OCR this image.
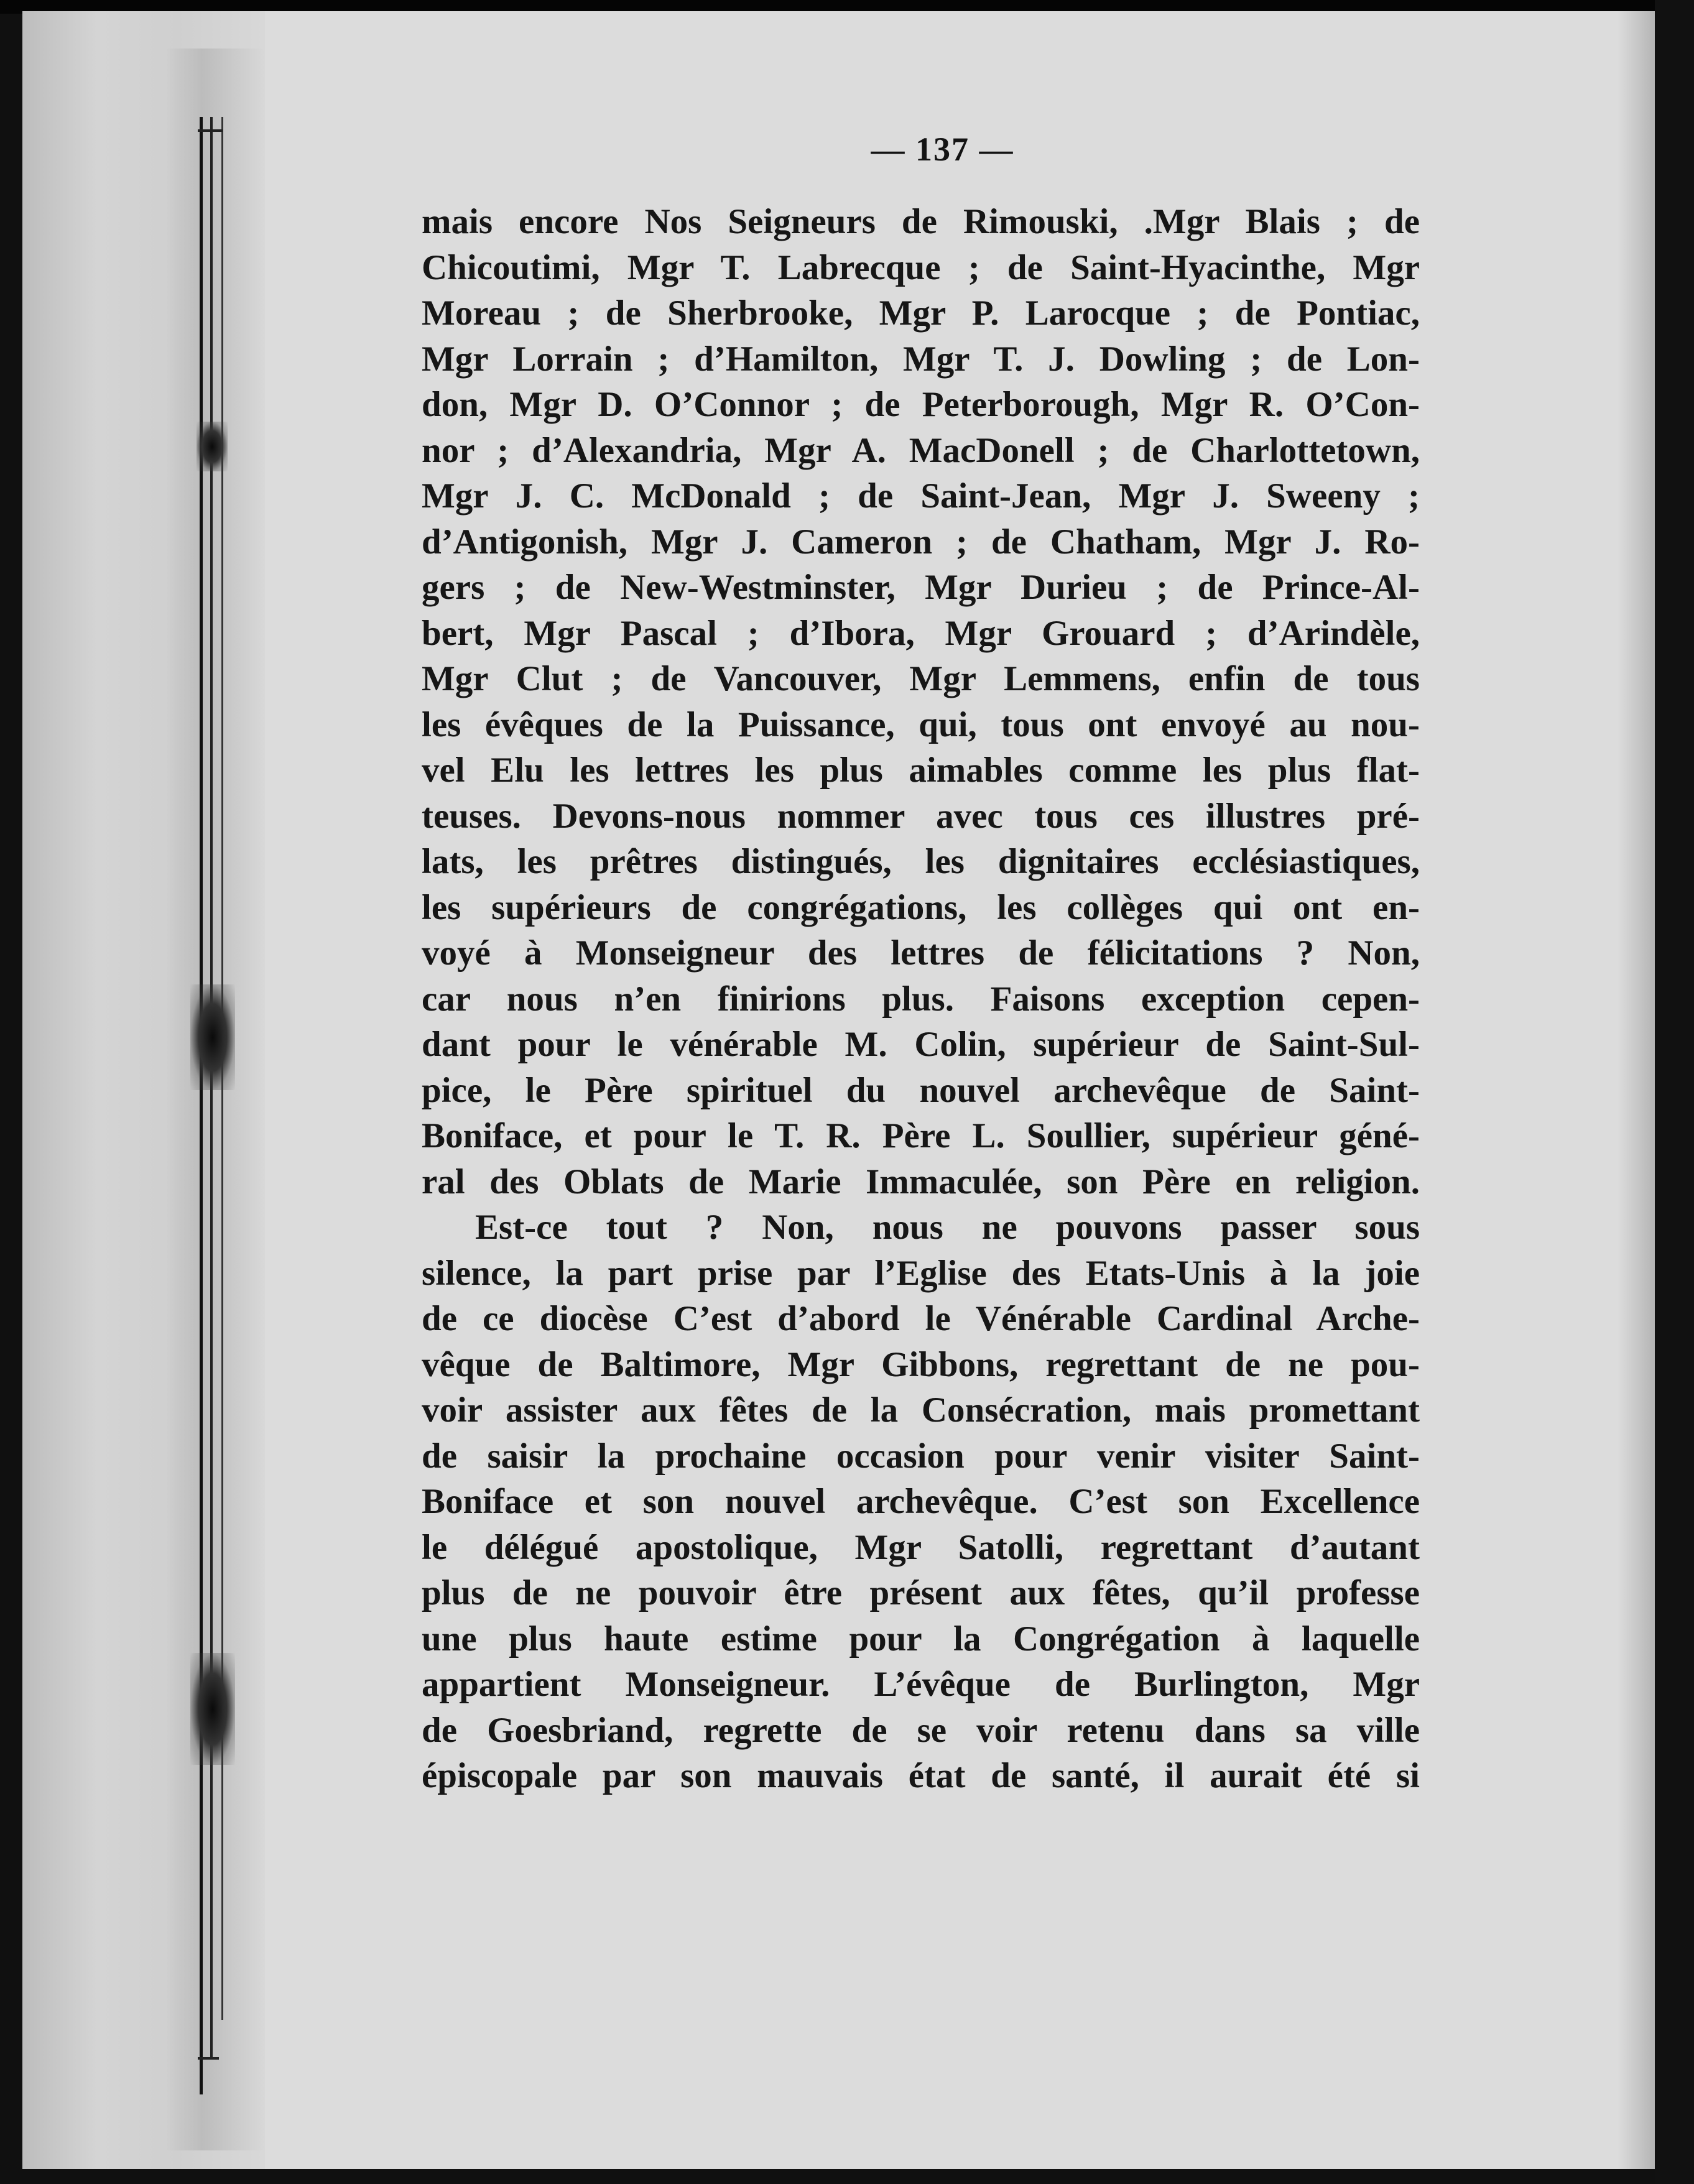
— 137 —
mais encore Nos Seigneurs de Rimouski, .Mgr Blais ; de
Chicoutimi, Mgr T. Labrecque ; de Saint-Hyacinthe, Mgr
Moreau ; de Sherbrooke, Mgr P. Larocque ; de Pontiac,
Mgr Lorrain ; d’Hamilton, Mgr T. J. Dowling ; de Lon-
don, Mgr D. O’Connor ; de Peterborough, Mgr R. O’Con-
nor ; d’Alexandria, Mgr A. MacDonell ; de Charlottetown,
Mgr J. C. McDonald ; de Saint-Jean, Mgr J. Sweeny ;
d’Antigonish, Mgr J. Cameron ; de Chatham, Mgr J. Ro-
gers ; de New-Westminster, Mgr Durieu ; de Prince-Al-
bert, Mgr Pascal ; d’Ibora, Mgr Grouard ; d’Arindèle,
Mgr Clut ; de Vancouver, Mgr Lemmens, enfin de tous
les évêques de la Puissance, qui, tous ont envoyé au nou-
vel Elu les lettres les plus aimables comme les plus flat-
teuses. Devons-nous nommer avec tous ces illustres pré-
lats, les prêtres distingués, les dignitaires ecclésiastiques,
les supérieurs de congrégations, les collèges qui ont en-
voyé à Monseigneur des lettres de félicitations ? Non,
car nous n’en finirions plus. Faisons exception cepen-
dant pour le vénérable M. Colin, supérieur de Saint-Sul-
pice, le Père spirituel du nouvel archevêque de Saint-
Boniface, et pour le T. R. Père L. Soullier, supérieur géné-
ral des Oblats de Marie Immaculée, son Père en religion.
Est-ce tout ? Non, nous ne pouvons passer sous
silence, la part prise par l’Eglise des Etats-Unis à la joie
de ce diocèse C’est d’abord le Vénérable Cardinal Arche-
vêque de Baltimore, Mgr Gibbons, regrettant de ne pou-
voir assister aux fêtes de la Consécration, mais promettant
de saisir la prochaine occasion pour venir visiter Saint-
Boniface et son nouvel archevêque. C’est son Excellence
le délégué apostolique, Mgr Satolli, regrettant d’autant
plus de ne pouvoir être présent aux fêtes, qu’il professe
une plus haute estime pour la Congrégation à laquelle
appartient Monseigneur. L’évêque de Burlington, Mgr
de Goesbriand, regrette de se voir retenu dans sa ville
épiscopale par son mauvais état de santé, il aurait été si
